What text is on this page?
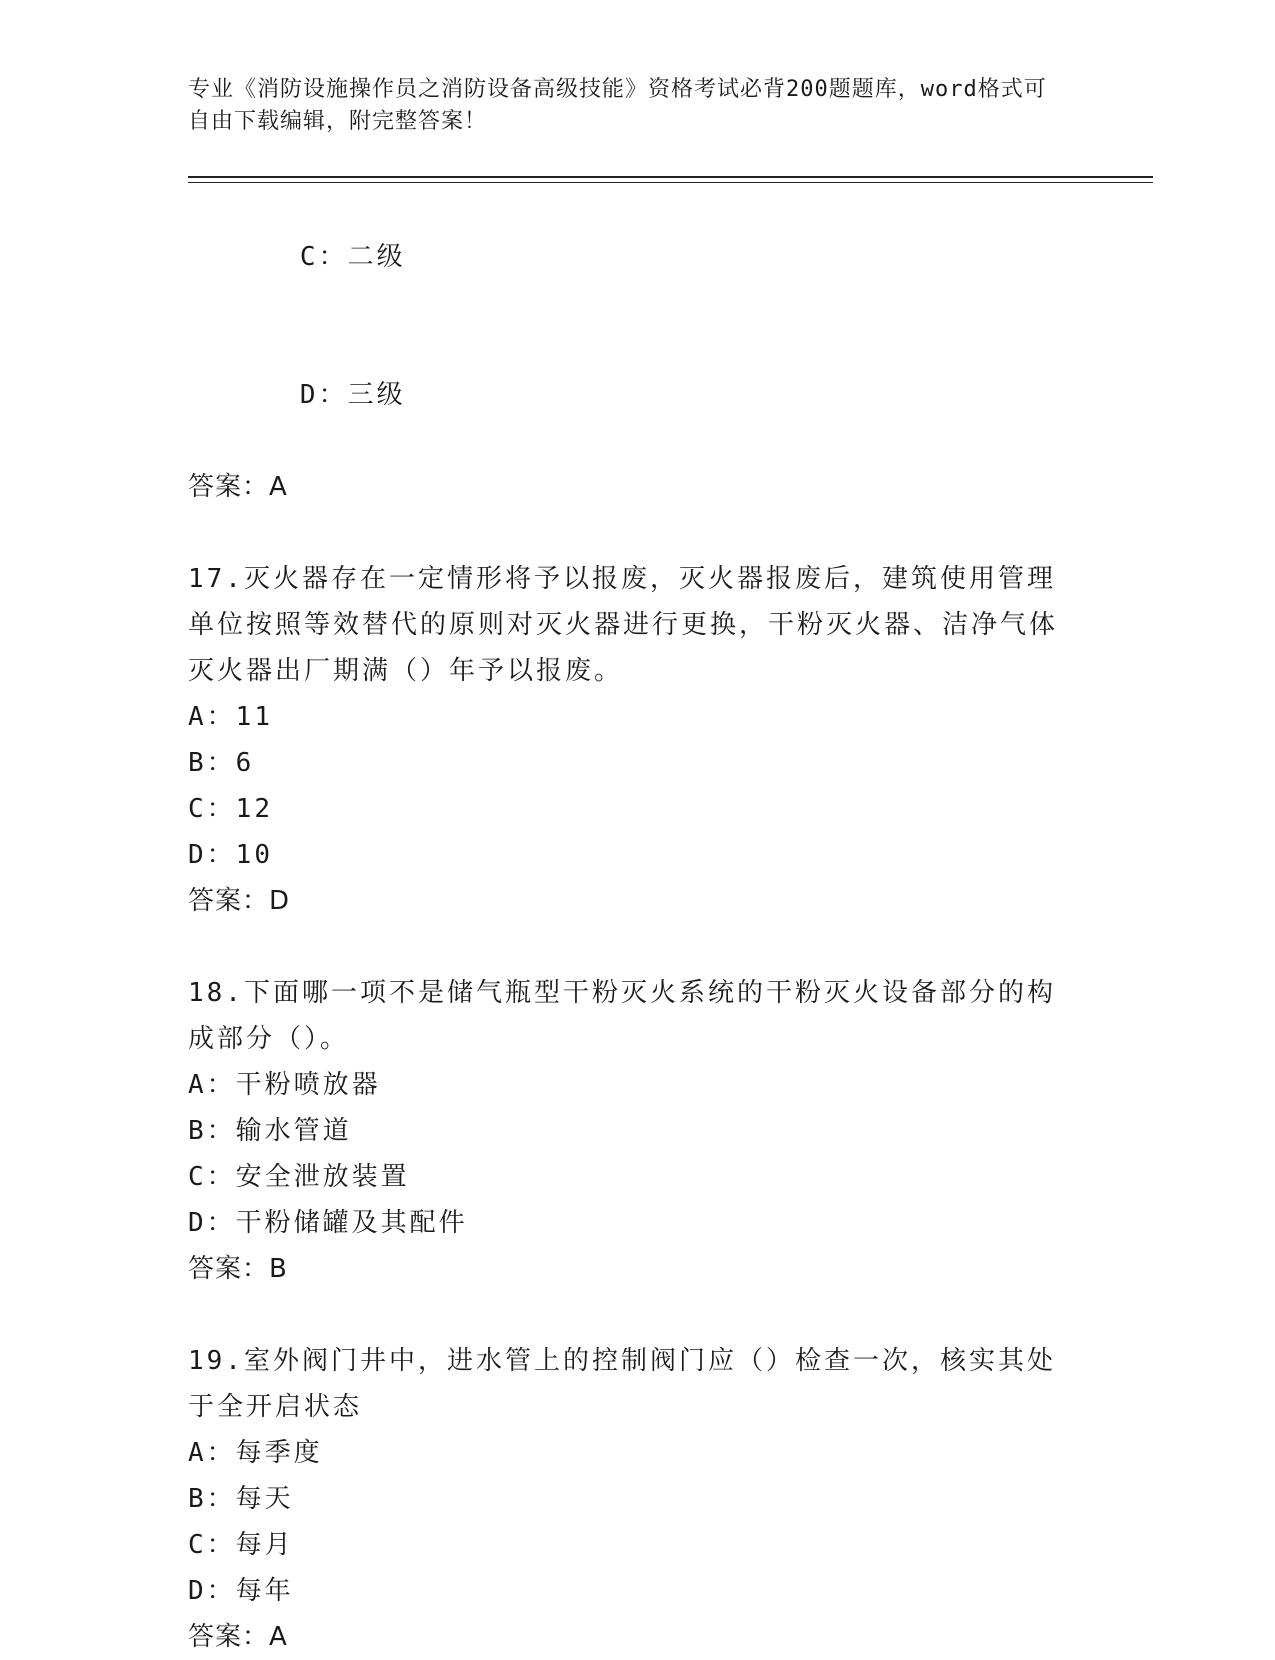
专业《消防设施操作员之消防设备高级技能》资格考试必背200题题库，word格式可自由下载编辑，附完整答案！

C：二级

D：三级

答案：A
17.灭火器存在一定情形将予以报废，灭火器报废后，建筑使用管理单位按照等效替代的原则对灭火器进行更换，干粉灭火器、洁净气体灭火器出厂期满（）年予以报废。
A：11
B：6
C：12
D：10
答案：D
18.下面哪一项不是储气瓶型干粉灭火系统的干粉灭火设备部分的构成部分（）。
A：干粉喷放器
B：输水管道
C：安全泄放装置
D：干粉储罐及其配件
答案：B
19.室外阀门井中，进水管上的控制阀门应（）检查一次，核实其处于全开启状态
A：每季度
B：每天
C：每月
D：每年
答案：A
